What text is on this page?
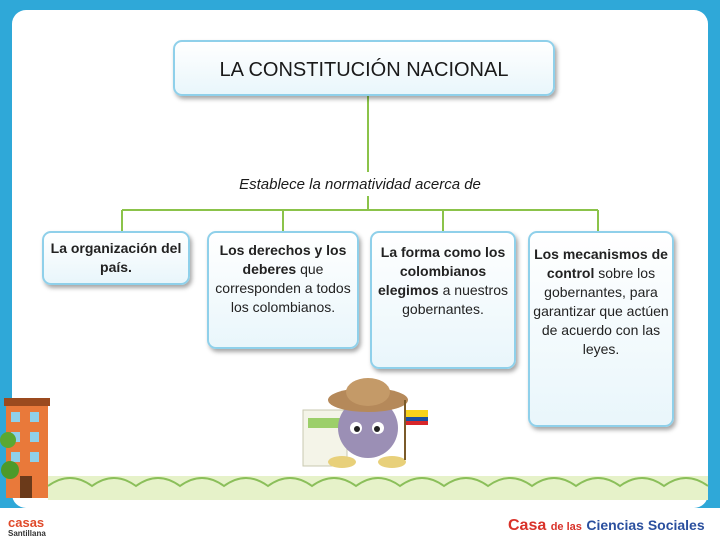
LA CONSTITUCIÓN NACIONAL
Establece la normatividad acerca de
La organización del país.
Los derechos y los deberes que corresponden a todos los colombianos.
La forma como los colombianos elegimos a nuestros gobernantes.
Los mecanismos de control sobre los gobernantes, para garantizar que actúen de acuerdo con las leyes.
casas
Santillana	Casa de las Ciencias Sociales
